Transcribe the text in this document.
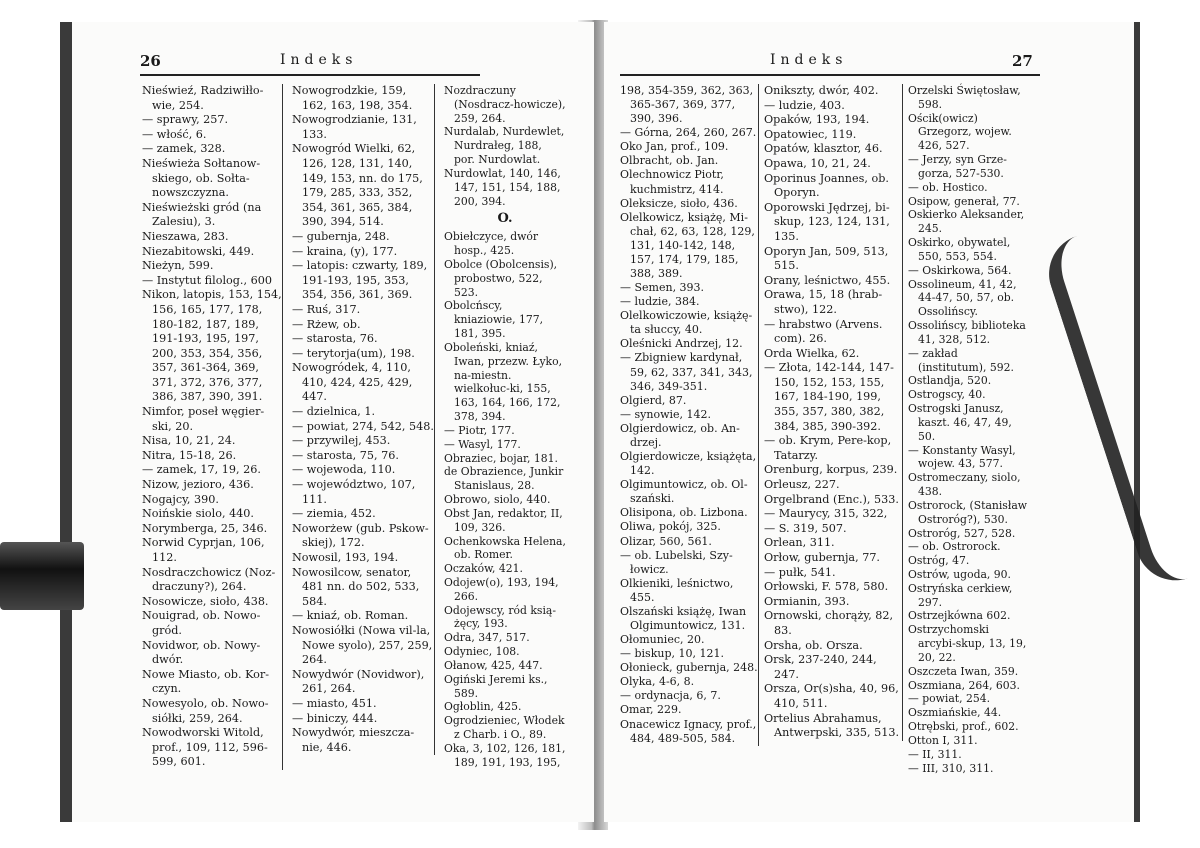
26	Indeks	Indeks	27

Nieświeź, Radziwiłło-wie, 254.

— sprawy, 257.

— włość, 6.

— zamek, 328.

Nieświeża Sołtanow-skiego, ob. Sołta-nowszczyzna.

Nieświeżski gród (na Zalesiu), 3.

Nieszawa, 283.

Niezabitowski, 449.

Nieżyn, 599.

— Instytut filolog., 600

Nikon, latopis, 153, 154, 156, 165, 177, 178, 180-182, 187, 189, 191-193, 195, 197, 200, 353, 354, 356, 357, 361-364, 369, 371, 372, 376, 377, 386, 387, 390, 391.

Nimfor, poseł węgier-ski, 20.

Nisa, 10, 21, 24.

Nitra, 15-18, 26.

— zamek, 17, 19, 26.

Nizow, jezioro, 436.

Nogajcy, 390.

Noińskie siolo, 440.

Norymberga, 25, 346.

Norwid Cyprjan, 106, 112.

Nosdraczchowicz (Noz-draczuny?), 264.

Nosowicze, sioło, 438.

Nouigrad, ob. Nowo-gród.

Novidwor, ob. Nowy-dwór.

Nowe Miasto, ob. Kor-czyn.

Nowesyolo, ob. Nowo-siółki, 259, 264.

Nowodworski Witold, prof., 109, 112, 596-599, 601.

Nowogrodzkie, 159, 162, 163, 198, 354.

Nowogrodzianie, 131, 133.

Nowogród Wielki, 62, 126, 128, 131, 140, 149, 153, nn. do 175, 179, 285, 333, 352, 354, 361, 365, 384, 390, 394, 514.

— gubernja, 248.

— kraina, (y), 177.

— latopis: czwarty, 189, 191-193, 195, 353, 354, 356, 361, 369.

— Ruś, 317.

— Rżew, ob.

— starosta, 76.

— terytorja(um), 198.

Nowogródek, 4, 110, 410, 424, 425, 429, 447.

— dzielnica, 1.

— powiat, 274, 542, 548.

— przywilej, 453.

— starosta, 75, 76.

— wojewoda, 110.

— województwo, 107, 111.

— ziemia, 452.

Noworżew (gub. Pskow-skiej), 172.

Nowosil, 193, 194.

Nowosilcow, senator, 481 nn. do 502, 533, 584.

— kniaź, ob. Roman.

Nowosiółki (Nowa vil-la, Nowe syolo), 257, 259, 264.

Nowydwór (Novidwor), 261, 264.

— miasto, 451.

— biniczy, 444.

Nowydwór, mieszcza-nie, 446.

Nozdraczuny (Nosdracz-howicze), 259, 264.

Nurdalab, Nurdewlet, Nurdrałeg, 188, por. Nurdowlat.

Nurdowlat, 140, 146, 147, 151, 154, 188, 200, 394.

O.

Obiełczyce, dwór hosp., 425.

Obolce (Obolcensis), probostwo, 522, 523.

Obolcńscy, kniaziowie, 177, 181, 395.

Oboleński, kniaź, Iwan, przezw. Łyko, na-miestn. wielkołuc-ki, 155, 163, 164, 166, 172, 378, 394.

— Piotr, 177.

— Wasyl, 177.

Obraziec, bojar, 181.

de Obrazience, Junkir Stanislaus, 28.

Obrowo, siolo, 440.

Obst Jan, redaktor, II, 109, 326.

Ochenkowska Helena, ob. Romer.

Oczaków, 421.

Odojew(o), 193, 194, 266.

Odojewscy, ród ksią-żęcy, 193.

Odra, 347, 517.

Odyniec, 108.

Ołanow, 425, 447.

Ogiński Jeremi ks., 589.

Ogłoblin, 425.

Ogrodzieniec, Włodek z Charb. i O., 89.

Oka, 3, 102, 126, 181, 189, 191, 193, 195,

198, 354-359, 362, 363, 365-367, 369, 377, 390, 396.

— Górna, 264, 260, 267.

Oko Jan, prof., 109.

Olbracht, ob. Jan.

Olechnowicz Piotr, kuchmistrz, 414.

Oleksicze, sioło, 436.

Olelkowicz, książę, Mi-chał, 62, 63, 128, 129, 131, 140-142, 148, 157, 174, 179, 185, 388, 389.

— Semen, 393.

— ludzie, 384.

Olelkowiczowie, książę-ta słuccy, 40.

Oleśnicki Andrzej, 12.

— Zbigniew kardynał, 59, 62, 337, 341, 343, 346, 349-351.

Olgierd, 87.

— synowie, 142.

Olgierdowicz, ob. An-drzej.

Olgierdowicze, książęta, 142.

Olgimuntowicz, ob. Ol-szański.

Olisipona, ob. Lizbona.

Oliwa, pokój, 325.

Olizar, 560, 561.

— ob. Lubelski, Szy-łowicz.

Olkieniki, leśnictwo, 455.

Olszański książę, Iwan Olgimuntowicz, 131.

Ołomuniec, 20.

— biskup, 10, 121.

Ołonieck, gubernja, 248.

Olyka, 4-6, 8.

— ordynacja, 6, 7.

Omar, 229.

Onacewicz Ignacy, prof., 484, 489-505, 584.

Onikszty, dwór, 402.

— ludzie, 403.

Opaków, 193, 194.

Opatowiec, 119.

Opatów, klasztor, 46.

Opawa, 10, 21, 24.

Oporinus Joannes, ob. Oporyn.

Oporowski Jędrzej, bi-skup, 123, 124, 131, 135.

Oporyn Jan, 509, 513, 515.

Orany, leśnictwo, 455.

Orawa, 15, 18 (hrab-stwo), 122.

— hrabstwo (Arvens. com). 26.

Orda Wielka, 62.

— Złota, 142-144, 147-150, 152, 153, 155, 167, 184-190, 199, 355, 357, 380, 382, 384, 385, 390-392.

— ob. Krym, Pere-kop, Tatarzy.

Orenburg, korpus, 239.

Orleusz, 227.

Orgelbrand (Enc.), 533.

— Maurycy, 315, 322,

— S. 319, 507.

Orlean, 311.

Orłow, gubernja, 77.

— pułk, 541.

Orłowski, F. 578, 580.

Ormianin, 393.

Ornowski, chorąży, 82, 83.

Orsha, ob. Orsza.

Orsk, 237-240, 244, 247.

Orsza, Or(s)sha, 40, 96, 410, 511.

Ortelius Abrahamus, Antwerpski, 335, 513.

Orzelski Świętosław, 598.

Ościk(owicz) Grzegorz, wojew. 426, 527.

— Jerzy, syn Grze-gorza, 527-530.

— ob. Hostico.

Osipow, generał, 77.

Oskierko Aleksander, 245.

Oskirko, obywatel, 550, 553, 554.

— Oskirkowa, 564.

Ossolineum, 41, 42, 44-47, 50, 57, ob. Ossolińscy.

Ossolińscy, biblioteka 41, 328, 512.

— zakład (institutum), 592.

Ostlandja, 520.

Ostrogscy, 40.

Ostrogski Janusz, kaszt. 46, 47, 49, 50.

— Konstanty Wasyl, wojew. 43, 577.

Ostromeczany, siolo, 438.

Ostrorock, (Stanisław Ostroróg?), 530.

Ostroróg, 527, 528.

— ob. Ostrorock.

Ostróg, 47.

Ostrów, ugoda, 90.

Ostryńska cerkiew, 297.

Ostrzejkówna 602.

Ostrzychomski arcybi-skup, 13, 19, 20, 22.

Oszczeta Iwan, 359.

Oszmiana, 264, 603.

— powiat, 254.

Oszmiańskie, 44.

Otrębski, prof., 602.

Otton I, 311.

— II, 311.

— III, 310, 311.
